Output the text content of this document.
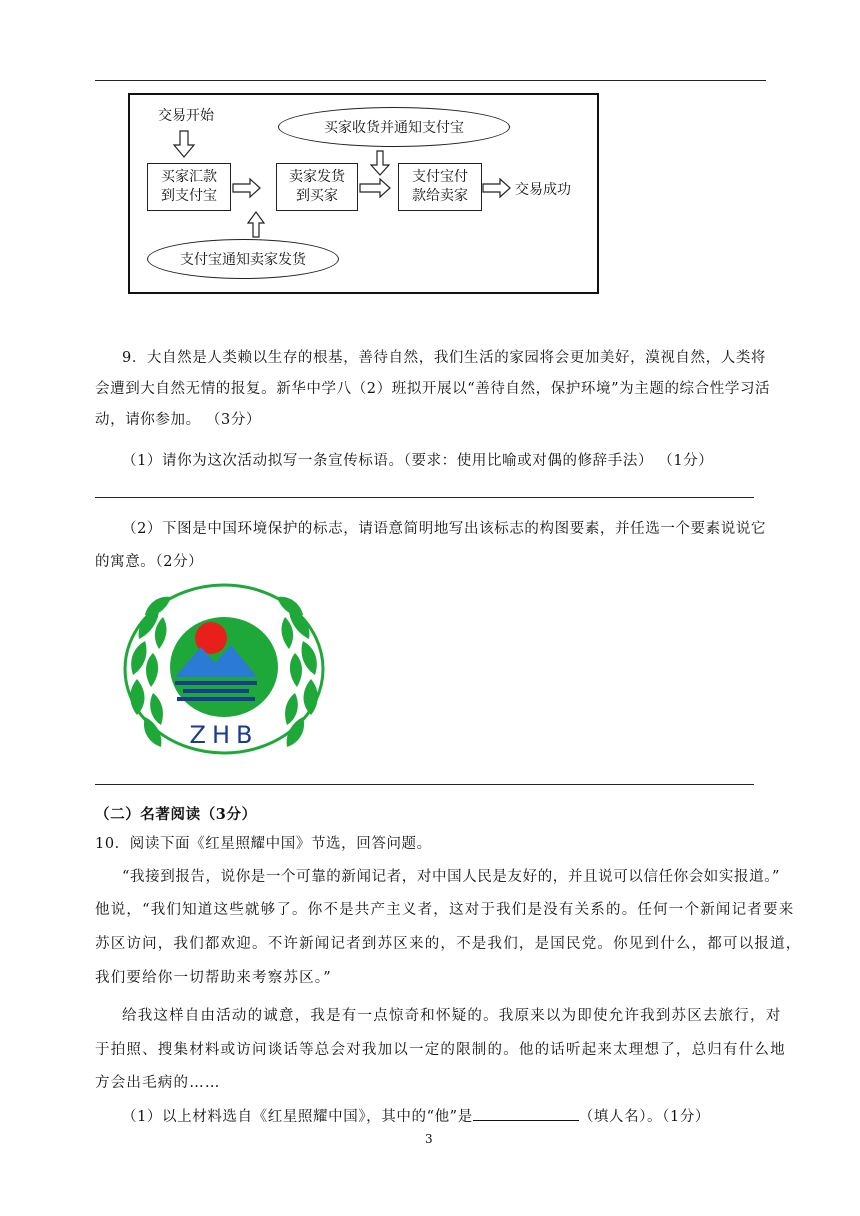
交易开始
买家汇款
到支付宝
卖家发货
到买家
支付宝付
款给卖家	交易成功
买家收货并通知支付宝
支付宝通知卖家发货
9．大自然是人类赖以生存的根基，善待自然，我们生活的家园将会更加美好，漠视自然，人类将
会遭到大自然无情的报复。新华中学八（2）班拟开展以“善待自然，保护环境”为主题的综合性学习活
动，请你参加。 （3分）
（1）请你为这次活动拟写一条宣传标语。（要求：使用比喻或对偶的修辞手法） （1分）
（2）下图是中国环境保护的标志，请语意简明地写出该标志的构图要素，并任选一个要素说说它
的寓意。（2分）
ZHB
（二）名著阅读（3分）
10．阅读下面《红星照耀中国》节选，回答问题。
“我接到报告，说你是一个可靠的新闻记者，对中国人民是友好的，并且说可以信任你会如实报道。”
他说，“我们知道这些就够了。你不是共产主义者，这对于我们是没有关系的。任何一个新闻记者要来
苏区访问，我们都欢迎。不许新闻记者到苏区来的，不是我们，是国民党。你见到什么，都可以报道，
我们要给你一切帮助来考察苏区。”
给我这样自由活动的诚意，我是有一点惊奇和怀疑的。我原来以为即使允许我到苏区去旅行，对
于拍照、搜集材料或访问谈话等总会对我加以一定的限制的。他的话听起来太理想了，总归有什么地
方会出毛病的……
（1）以上材料选自《红星照耀中国》，其中的“他”是	（填人名）。（1分）
3
